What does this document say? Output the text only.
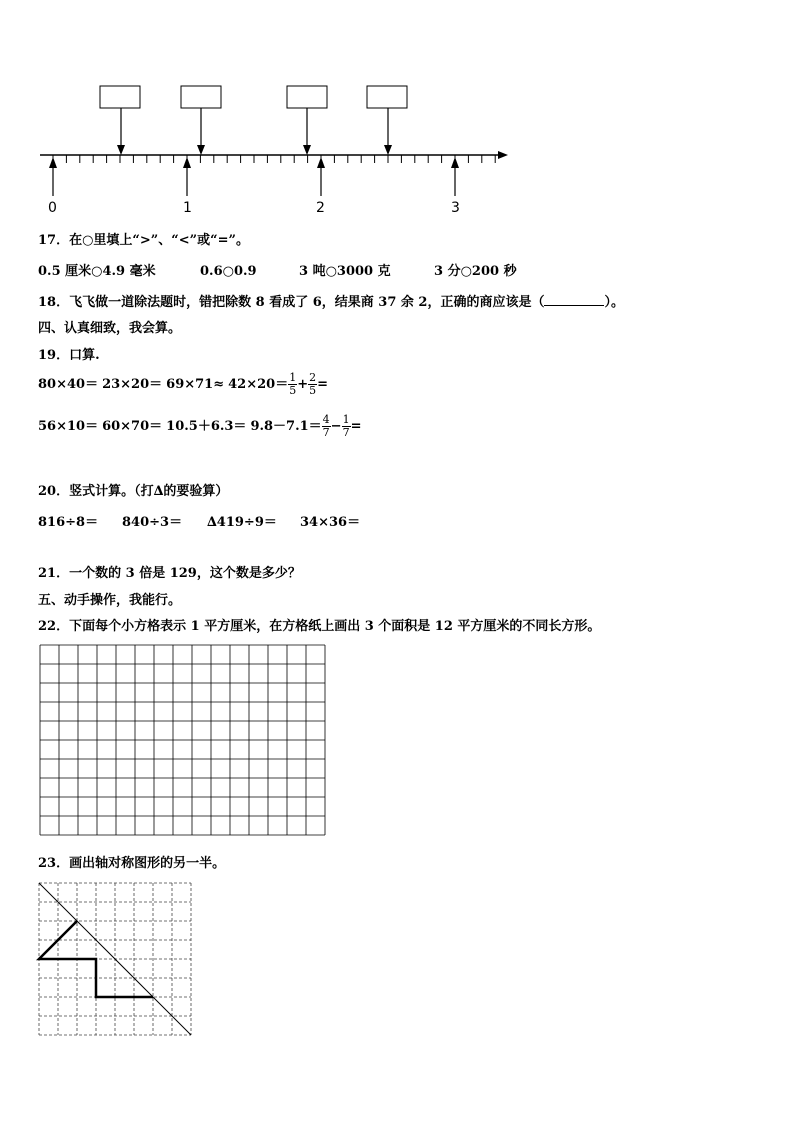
0	1	2	3
17．在○里填上“>”、“<”或“=”。
0.5 厘米○4.9 毫米	0.6○0.9	3 吨○3000 克	3 分○200 秒
18．飞飞做一道除法题时，错把除数 8 看成了 6，结果商 37 余 2，正确的商应该是（	）。
四、认真细致，我会算。
19．口算.
$80\times 40= 23\times 20= 69\times 71\approx 42\times 20= \frac{1}{5} + \frac{2}{5}$ =
$56\times 10= 60\times 70= 10.5+6.3= 9.8-7.1= \frac{4}{7} - \frac{1}{7}$ =
20．竖式计算。（打∆的要验算）
816÷8＝ 840÷3＝ ∆419÷9＝ 34×36＝
21．一个数的 3 倍是 129，这个数是多少？
五、动手操作，我能行。
22．下面每个小方格表示 1 平方厘米，在方格纸上画出 3 个面积是 12 平方厘米的不同长方形。
23．画出轴对称图形的另一半。
